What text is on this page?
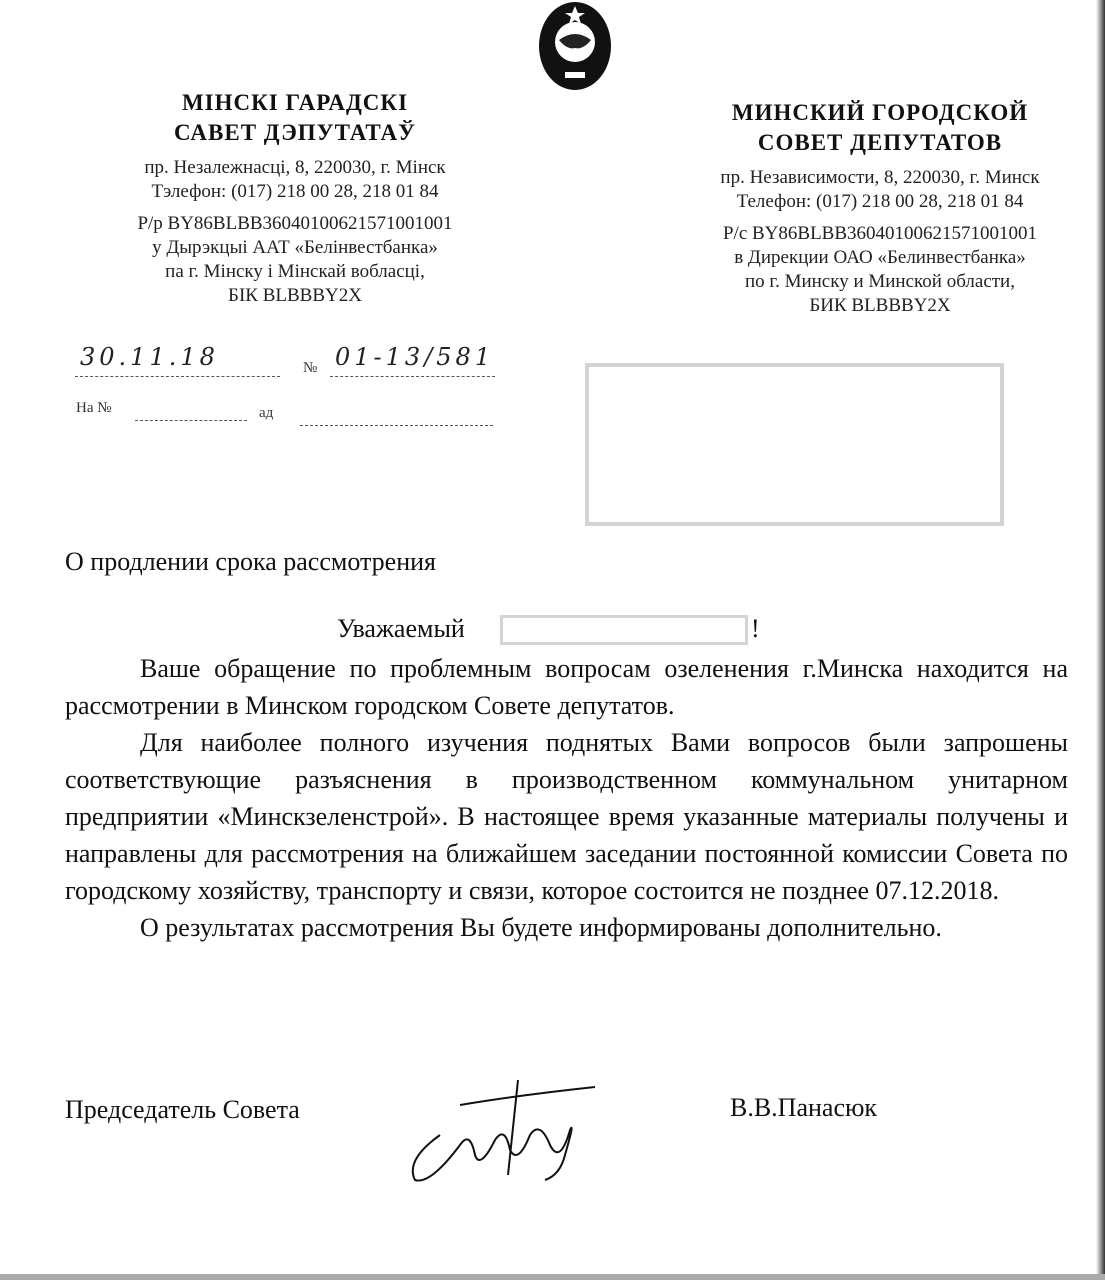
МІНСКІ ГАРАДСКІ
САВЕТ ДЭПУТАТАЎ
пр. Незалежнасці, 8, 220030, г. Мінск
Тэлефон: (017) 218 00 28, 218 01 84
Р/р BY86BLBB36040100621571001001
у Дырэкцыі ААТ «Белінвестбанка»
па г. Мінску і Мінскай вобласці,
БІК BLBBBY2X
МИНСКИЙ ГОРОДСКОЙ
СОВЕТ ДЕПУТАТОВ
пр. Независимости, 8, 220030, г. Минск
Телефон: (017) 218 00 28, 218 01 84
Р/с BY86BLBB36040100621571001001
в Дирекции ОАО «Белинвестбанка»
по г. Минску и Минской области,
БИК BLBBBY2X
30.11.18	№ 01-13/581
На №	ад
О продлении срока рассмотрения
Уважаемый	!

Ваше обращение по проблемным вопросам озеленения г.Минска находится на рассмотрении в Минском городском Совете депутатов.

Для наиболее полного изучения поднятых Вами вопросов были запрошены соответствующие разъяснения в производственном коммунальном унитарном предприятии «Минскзеленстрой». В настоящее время указанные материалы получены и направлены для рассмотрения на ближайшем заседании постоянной комиссии Совета по городскому хозяйству, транспорту и связи, которое состоится не позднее 07.12.2018.

О результатах рассмотрения Вы будете информированы дополнительно.

Председатель Совета	В.В.Панасюк
